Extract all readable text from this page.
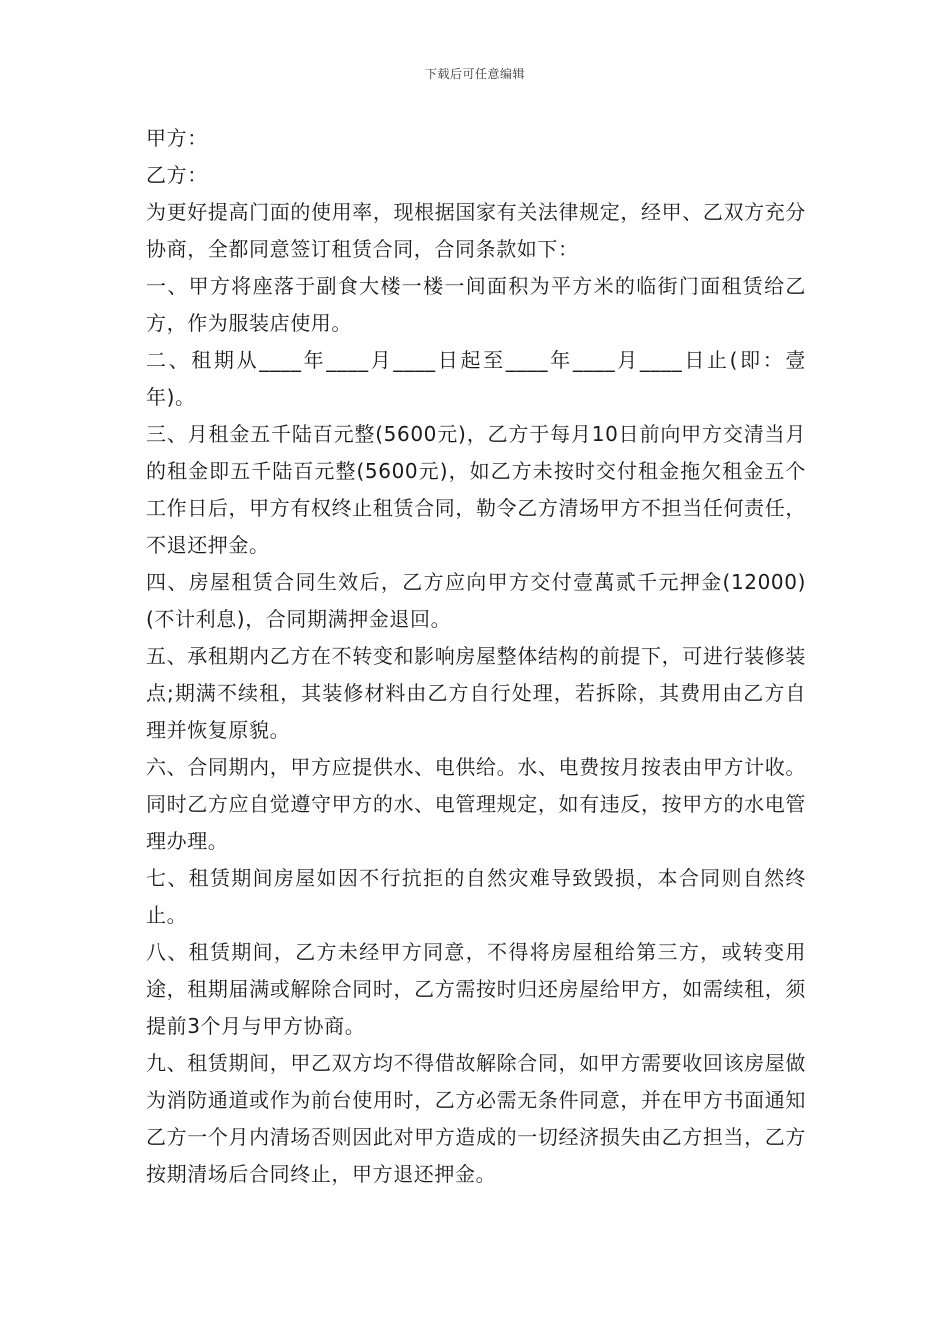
下载后可任意编辑

甲方：

乙方：

为更好提高门面的使用率，现根据国家有关法律规定，经甲、乙双方充分协商，全都同意签订租赁合同，合同条款如下：

一、甲方将座落于副食大楼一楼一间面积为平方米的临街门面租赁给乙方，作为服装店使用。

二、租期从____年____月____日起至____年____月____日止(即：壹年)。

三、月租金五千陆百元整(5600元)，乙方于每月10日前向甲方交清当月的租金即五千陆百元整(5600元)，如乙方未按时交付租金拖欠租金五个工作日后，甲方有权终止租赁合同，勒令乙方清场甲方不担当任何责任，不退还押金。

四、房屋租赁合同生效后，乙方应向甲方交付壹萬贰千元押金(12000)(不计利息)，合同期满押金退回。

五、承租期内乙方在不转变和影响房屋整体结构的前提下，可进行装修装点;期满不续租，其装修材料由乙方自行处理，若拆除，其费用由乙方自理并恢复原貌。

六、合同期内，甲方应提供水、电供给。水、电费按月按表由甲方计收。同时乙方应自觉遵守甲方的水、电管理规定，如有违反，按甲方的水电管理办理。

七、租赁期间房屋如因不行抗拒的自然灾难导致毁损，本合同则自然终止。

八、租赁期间，乙方未经甲方同意，不得将房屋租给第三方，或转变用途，租期届满或解除合同时，乙方需按时归还房屋给甲方，如需续租，须提前3个月与甲方协商。

九、租赁期间，甲乙双方均不得借故解除合同，如甲方需要收回该房屋做为消防通道或作为前台使用时，乙方必需无条件同意，并在甲方书面通知乙方一个月内清场否则因此对甲方造成的一切经济损失由乙方担当，乙方按期清场后合同终止，甲方退还押金。
